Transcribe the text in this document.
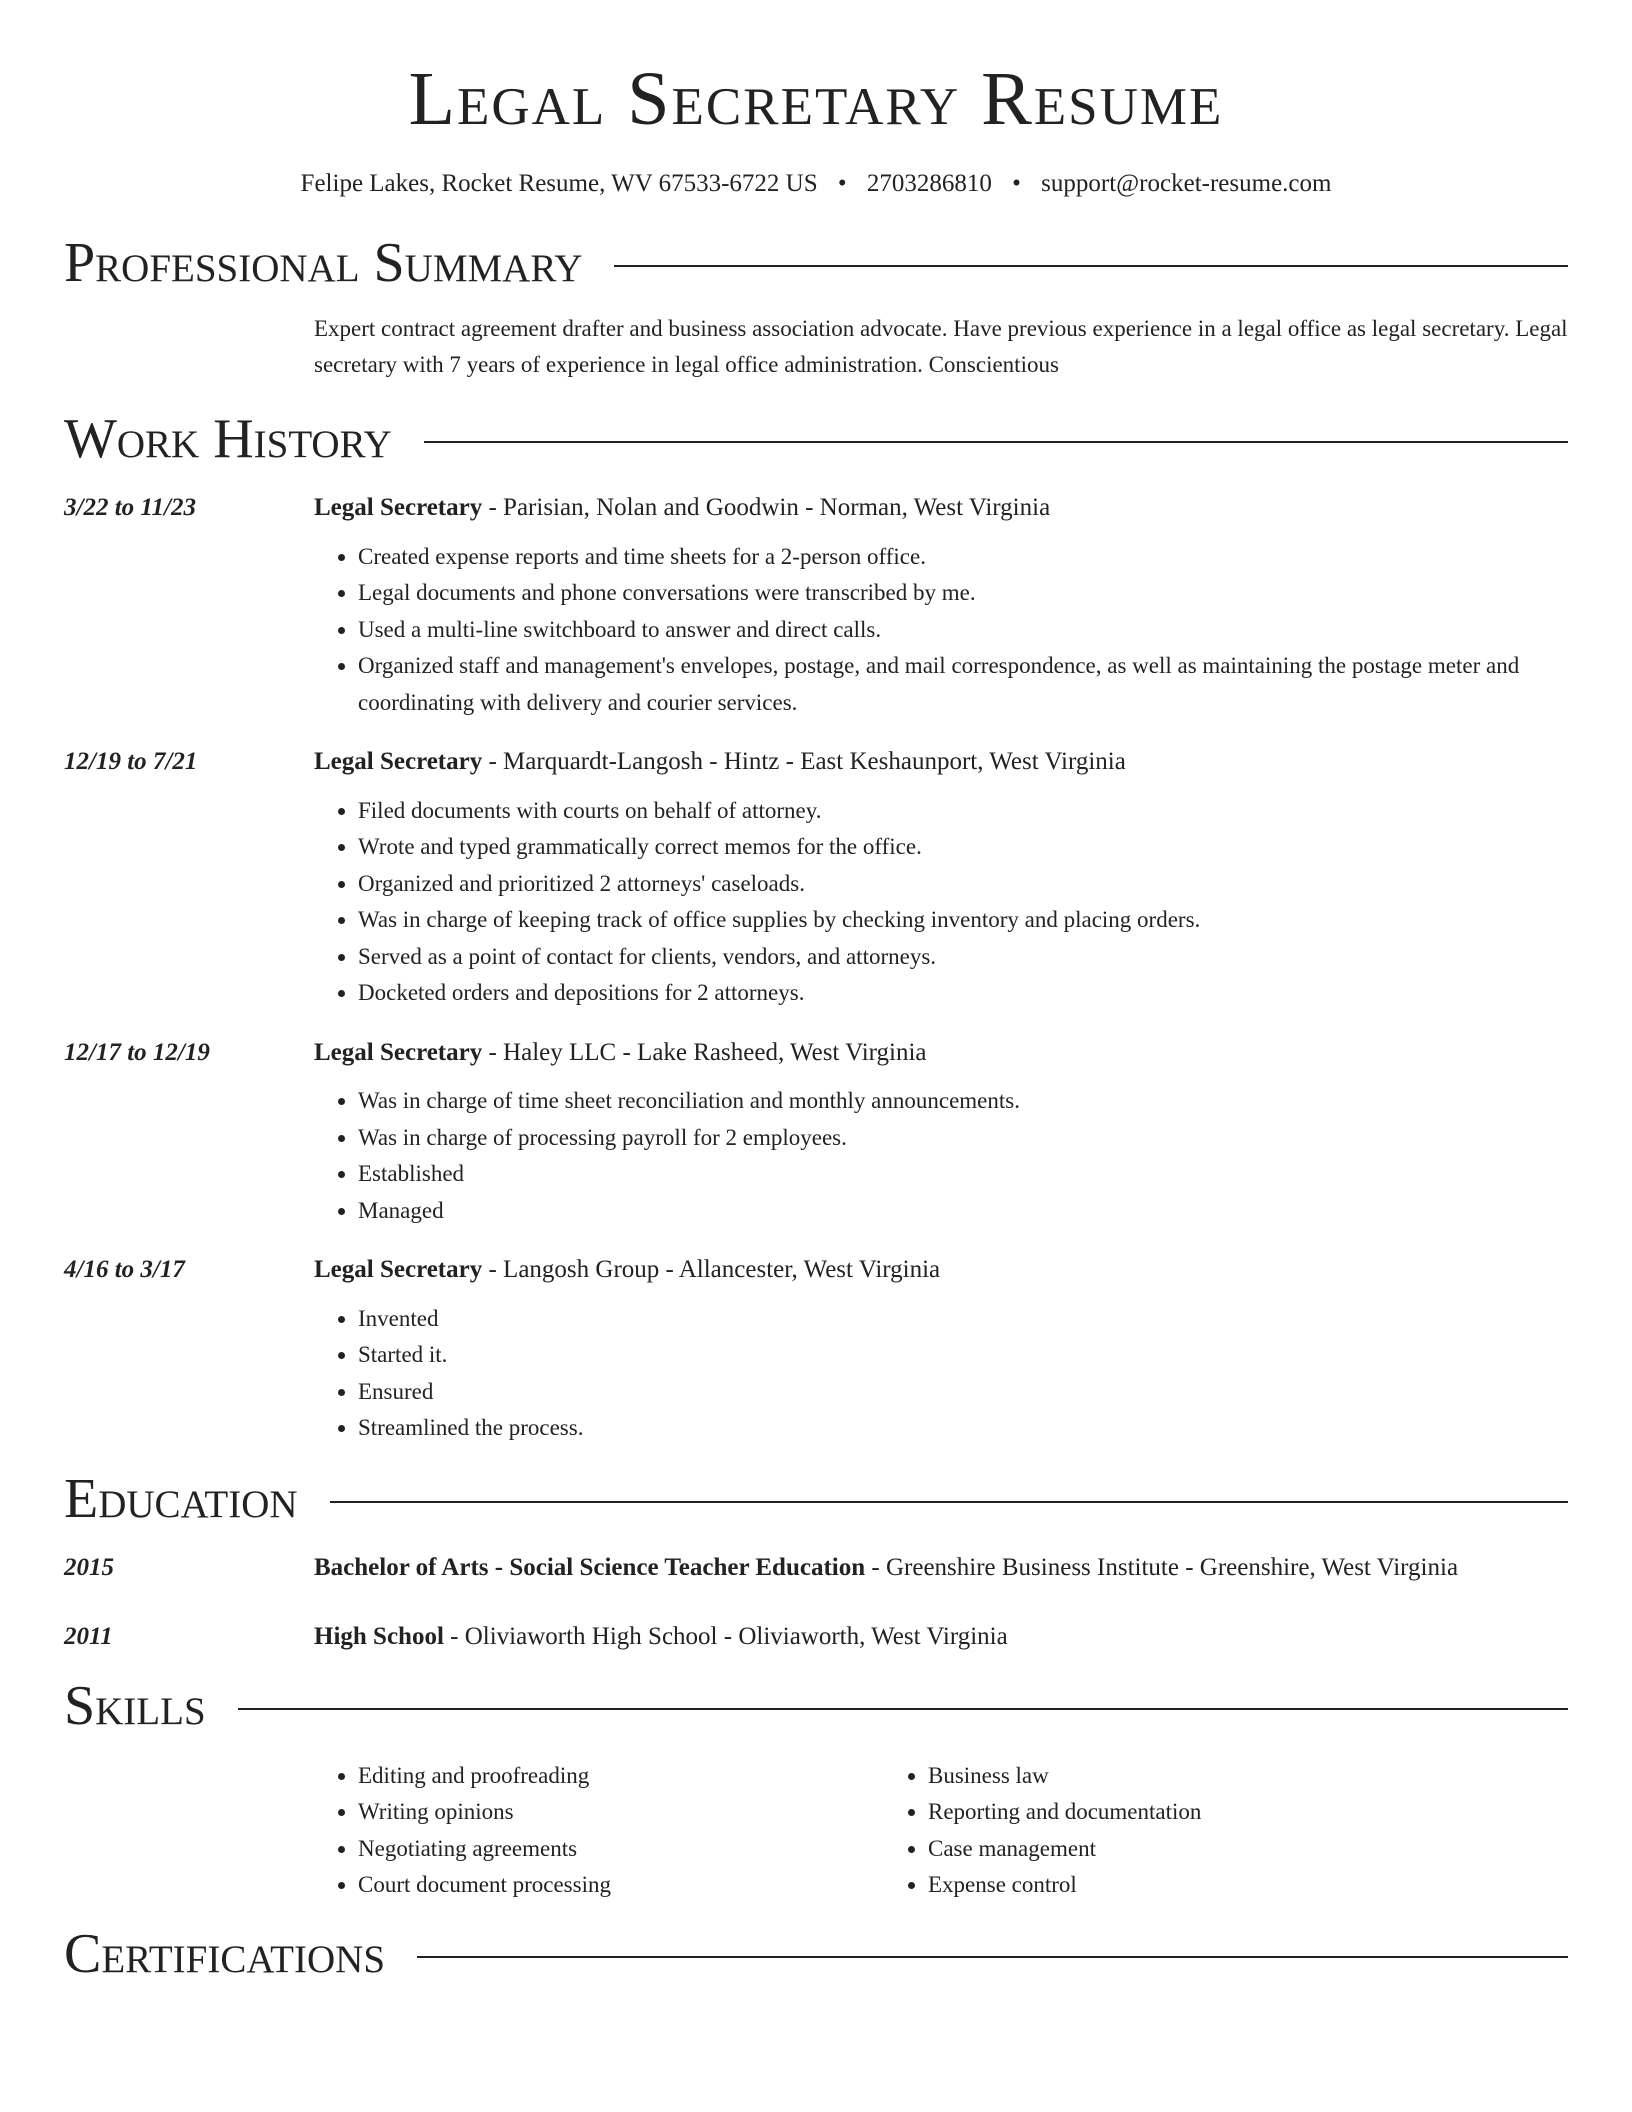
Legal Secretary Resume
Felipe Lakes, Rocket Resume, WV 67533-6722 US • 2703286810 • support@rocket-resume.com
Professional Summary
Expert contract agreement drafter and business association advocate. Have previous experience in a legal office as legal secretary. Legal secretary with 7 years of experience in legal office administration. Conscientious
Work History
3/22 to 11/23	Legal Secretary - Parisian, Nolan and Goodwin - Norman, West Virginia
• Created expense reports and time sheets for a 2-person office.
• Legal documents and phone conversations were transcribed by me.
• Used a multi-line switchboard to answer and direct calls.
• Organized staff and management's envelopes, postage, and mail correspondence, as well as maintaining the postage meter and coordinating with delivery and courier services.
12/19 to 7/21	Legal Secretary - Marquardt-Langosh - Hintz - East Keshaunport, West Virginia
• Filed documents with courts on behalf of attorney.
• Wrote and typed grammatically correct memos for the office.
• Organized and prioritized 2 attorneys' caseloads.
• Was in charge of keeping track of office supplies by checking inventory and placing orders.
• Served as a point of contact for clients, vendors, and attorneys.
• Docketed orders and depositions for 2 attorneys.
12/17 to 12/19	Legal Secretary - Haley LLC - Lake Rasheed, West Virginia
• Was in charge of time sheet reconciliation and monthly announcements.
• Was in charge of processing payroll for 2 employees.
• Established
• Managed
4/16 to 3/17	Legal Secretary - Langosh Group - Allancester, West Virginia
• Invented
• Started it.
• Ensured
• Streamlined the process.
Education
2015	Bachelor of Arts - Social Science Teacher Education - Greenshire Business Institute - Greenshire, West Virginia
2011	High School - Oliviaworth High School - Oliviaworth, West Virginia
Skills
• Editing and proofreading
• Writing opinions
• Negotiating agreements
• Court document processing
• Business law
• Reporting and documentation
• Case management
• Expense control
Certifications
